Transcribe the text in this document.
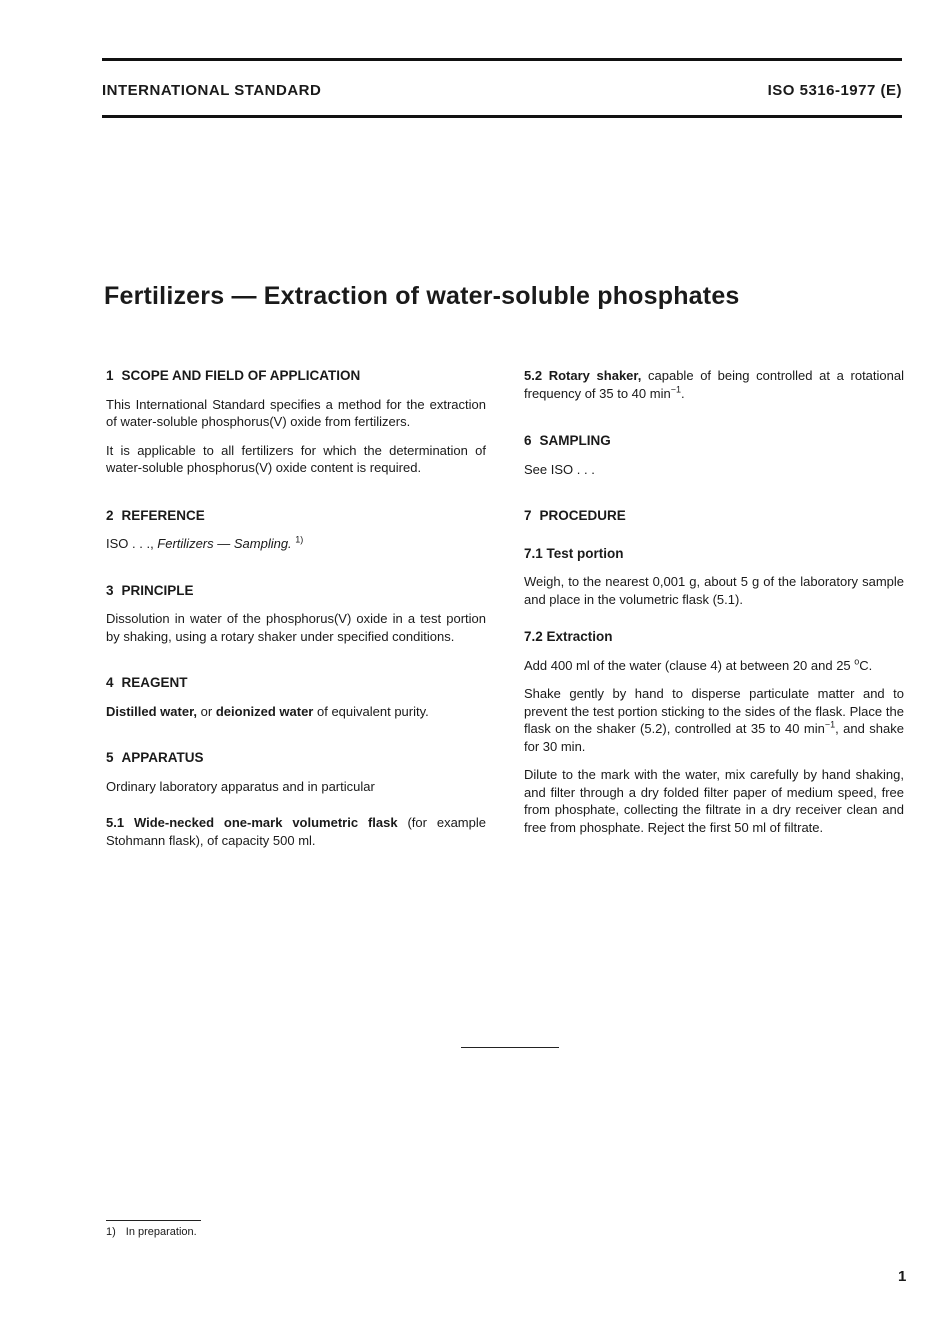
INTERNATIONAL STANDARD	ISO 5316-1977 (E)
Fertilizers — Extraction of water-soluble phosphates
1 SCOPE AND FIELD OF APPLICATION

This International Standard specifies a method for the extraction of water-soluble phosphorus(V) oxide from fertilizers.

It is applicable to all fertilizers for which the determination of water-soluble phosphorus(V) oxide content is required.

2 REFERENCE

ISO . . ., Fertilizers — Sampling. $^{1)}$

3 PRINCIPLE

Dissolution in water of the phosphorus(V) oxide in a test portion by shaking, using a rotary shaker under specified conditions.

4 REAGENT

Distilled water, or deionized water of equivalent purity.

5 APPARATUS

Ordinary laboratory apparatus and in particular

5.1 Wide-necked one-mark volumetric flask (for example Stohmann flask), of capacity 500 ml.

5.2 Rotary shaker, capable of being controlled at a rotational frequency of 35 to 40 $\min^{-1}$.

6 SAMPLING

See ISO . . .

7 PROCEDURE
7.1 Test portion

Weigh, to the nearest 0,001 g, about 5 g of the laboratory sample and place in the volumetric flask (5.1).

7.2 Extraction

Add 400 ml of the water (clause 4) at between 20 and 25 $^o$C.

Shake gently by hand to disperse particulate matter and to prevent the test portion sticking to the sides of the flask. Place the flask on the shaker (5.2), controlled at 35 to 40 $\min^{-1}$, and shake for 30 min.

Dilute to the mark with the water, mix carefully by hand shaking, and filter through a dry folded filter paper of medium speed, free from phosphate, collecting the filtrate in a dry receiver clean and free from phosphate. Reject the first 50 ml of filtrate.

1) In preparation.
1
